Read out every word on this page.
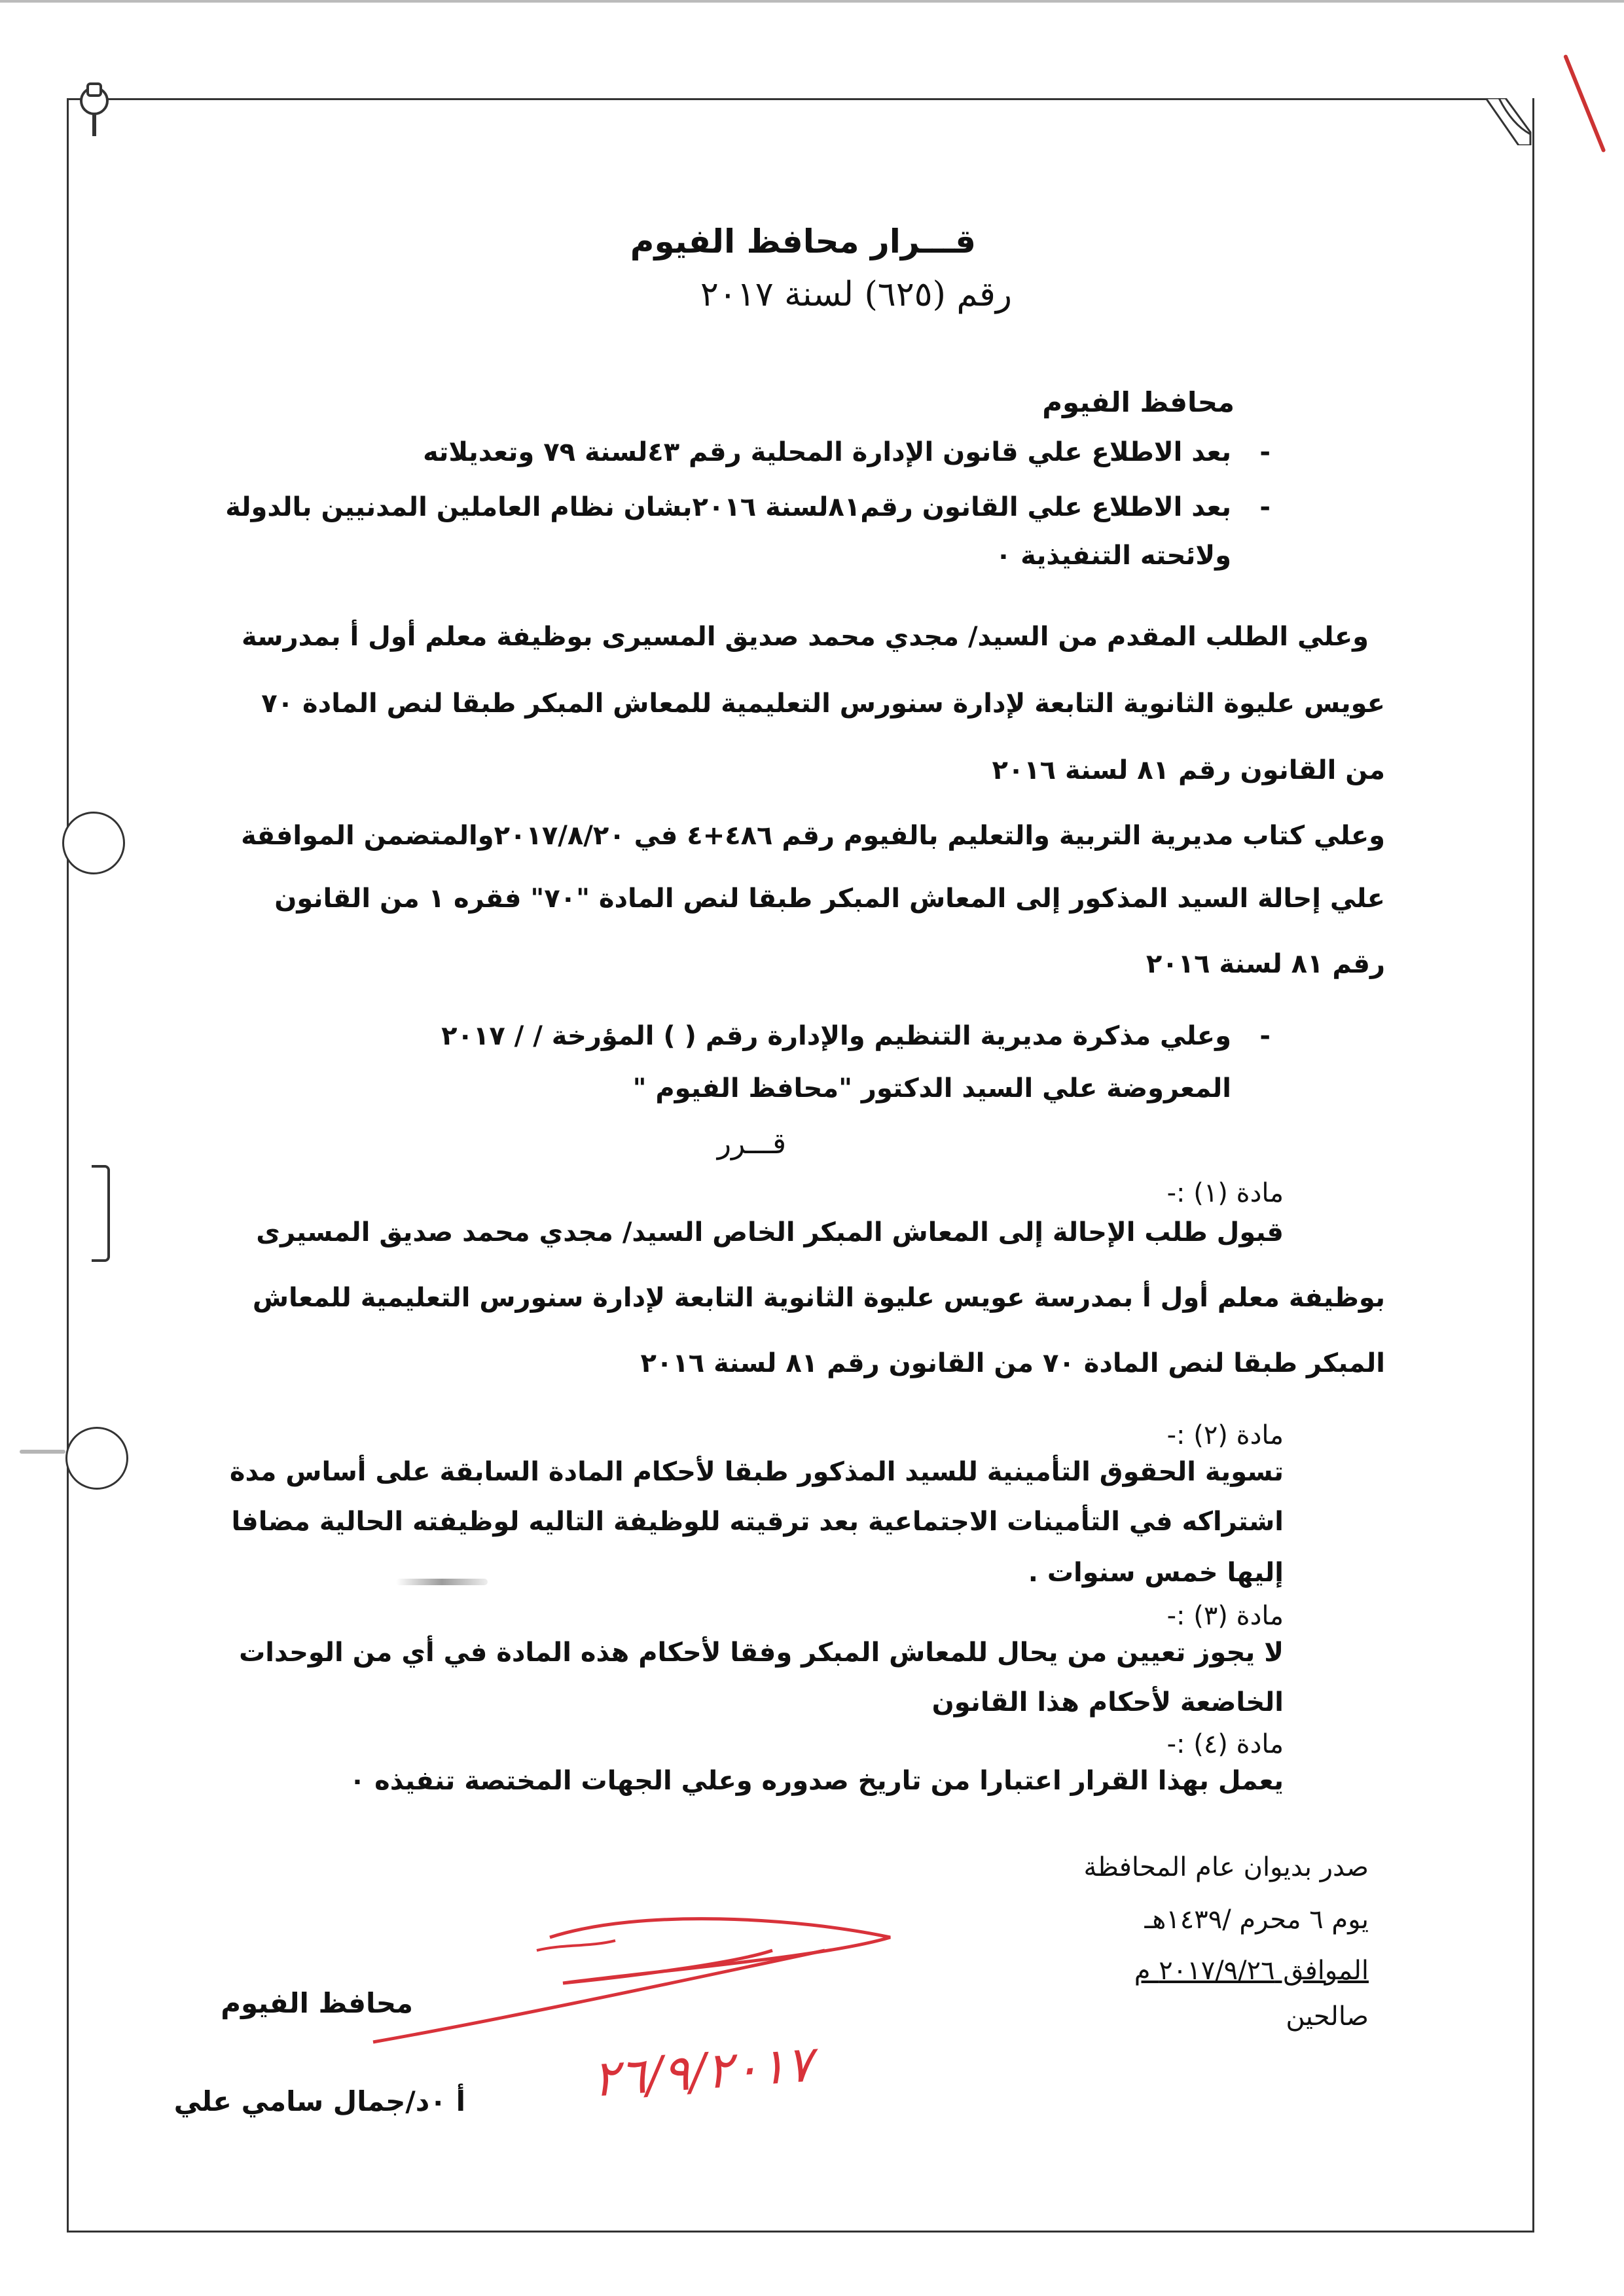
قـــرار محافظ الفيوم
رقم (٦٢٥) لسنة ٢٠١٧
محافظ الفيوم
- بعد الاطلاع علي قانون الإدارة المحلية رقم ٤٣لسنة ٧٩ وتعديلاته
- بعد الاطلاع علي القانون رقم٨١لسنة ٢٠١٦بشان نظام العاملين المدنيين بالدولة
ولائحته التنفيذية ٠
وعلي الطلب المقدم من السيد/ مجدي محمد صديق المسيرى بوظيفة معلم أول أ بمدرسة
عويس عليوة الثانوية التابعة لإدارة سنورس التعليمية للمعاش المبكر طبقا لنص المادة ٧٠
من القانون رقم ٨١ لسنة ٢٠١٦
وعلي كتاب مديرية التربية والتعليم بالفيوم رقم ٤٨٦+٤ في ٢٠١٧/٨/٢٠والمتضمن الموافقة
علي إحالة السيد المذكور إلى المعاش المبكر طبقا لنص المادة "٧٠" فقره ١ من القانون
رقم ٨١ لسنة ٢٠١٦
- وعلي مذكرة مديرية التنظيم والإدارة رقم ( ) المؤرخة / / ٢٠١٧
المعروضة علي السيد الدكتور "محافظ الفيوم "
قـــرر
مادة (١) :-
قبول طلب الإحالة إلى المعاش المبكر الخاص السيد/ مجدي محمد صديق المسيرى
بوظيفة معلم أول أ بمدرسة عويس عليوة الثانوية التابعة لإدارة سنورس التعليمية للمعاش
المبكر طبقا لنص المادة ٧٠ من القانون رقم ٨١ لسنة ٢٠١٦
مادة (٢) :-
تسوية الحقوق التأمينية للسيد المذكور طبقا لأحكام المادة السابقة على أساس مدة
اشتراكه في التأمينات الاجتماعية بعد ترقيته للوظيفة التاليه لوظيفته الحالية مضافا
إليها خمس سنوات .
مادة (٣) :-
لا يجوز تعيين من يحال للمعاش المبكر وفقا لأحكام هذه المادة في أي من الوحدات
الخاضعة لأحكام هذا القانون
مادة (٤) :-
يعمل بهذا القرار اعتبارا من تاريخ صدوره وعلي الجهات المختصة تنفيذه ٠
صدر بديوان عام المحافظة
يوم ٦ محرم /١٤٣٩هـ
الموافق ٢٠١٧/٩/٢٦ م
صالحين
محافظ الفيوم
أ ٠د/جمال سامي علي	٢٦/٩/٢٠١٧
